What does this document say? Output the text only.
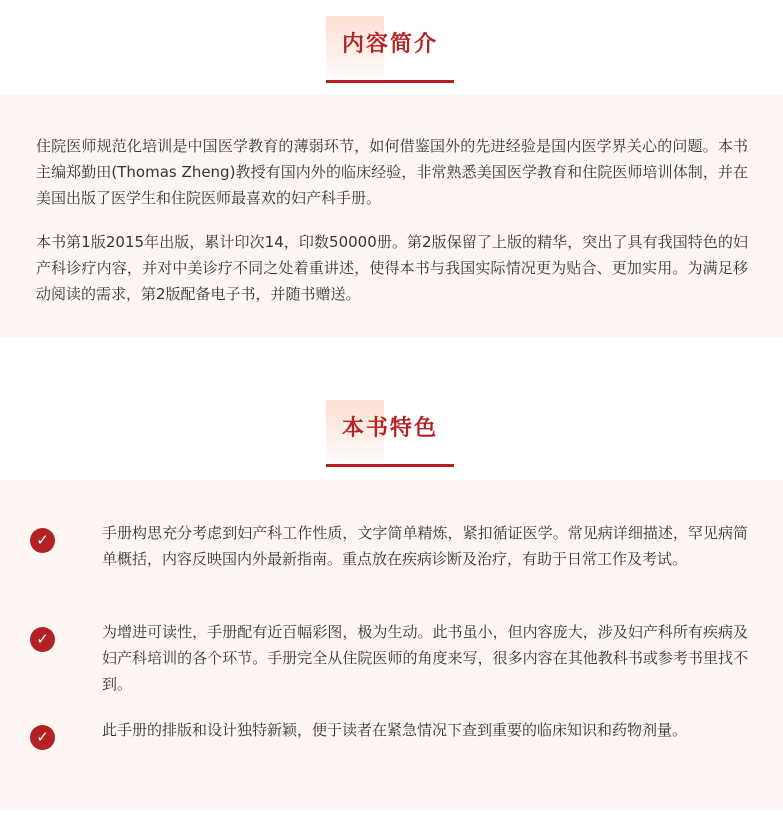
内容简介

住院医师规范化培训是中国医学教育的薄弱环节，如何借鉴国外的先进经验是国内医学界关心的问题。本书主编郑勤田(Thomas Zheng)教授有国内外的临床经验，非常熟悉美国医学教育和住院医师培训体制，并在美国出版了医学生和住院医师最喜欢的妇产科手册。

本书第1版2015年出版，累计印次14，印数50000册。第2版保留了上版的精华，突出了具有我国特色的妇产科诊疗内容，并对中美诊疗不同之处着重讲述，使得本书与我国实际情况更为贴合、更加实用。为满足移动阅读的需求，第2版配备电子书，并随书赠送。

本书特色
✓	手册构思充分考虑到妇产科工作性质，文字简单精炼，紧扣循证医学。常见病详细描述，罕见病简单概括，内容反映国内外最新指南。重点放在疾病诊断及治疗，有助于日常工作及考试。

✓	为增进可读性，手册配有近百幅彩图，极为生动。此书虽小，但内容庞大，涉及妇产科所有疾病及妇产科培训的各个环节。手册完全从住院医师的角度来写，很多内容在其他教科书或参考书里找不到。

✓	此手册的排版和设计独特新颖，便于读者在紧急情况下查到重要的临床知识和药物剂量。
